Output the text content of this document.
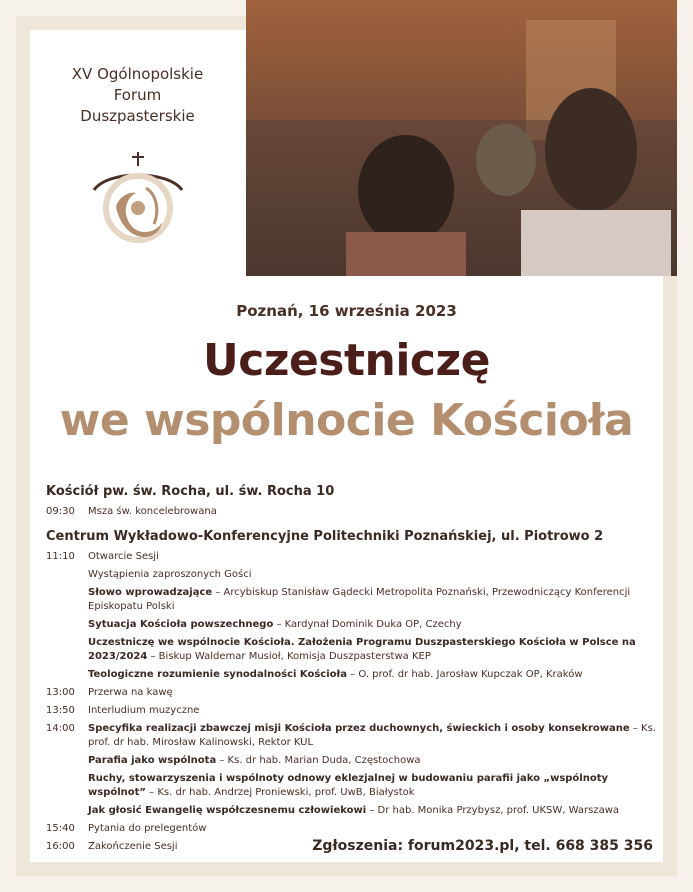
XV Ogólnopolskie
Forum
Duszpasterskie
Poznań, 16 września 2023
Uczestniczę
we wspólnocie Kościoła
Kościół pw. św. Rocha, ul. św. Rocha 10
09:30	Msza św. koncelebrowana
Centrum Wykładowo-Konferencyjne Politechniki Poznańskiej, ul. Piotrowo 2
11:10	Otwarcie Sesji
Wystąpienia zaproszonych Gości
Słowo wprowadzające – Arcybiskup Stanisław Gądecki Metropolita Poznański, Przewodniczący Konferencji Episkopatu Polski
Sytuacja Kościoła powszechnego – Kardynał Dominik Duka OP, Czechy
Uczestniczę we wspólnocie Kościoła. Założenia Programu Duszpasterskiego Kościoła w Polsce na 2023/2024 – Biskup Waldemar Musioł, Komisja Duszpasterstwa KEP
Teologiczne rozumienie synodalności Kościoła – O. prof. dr hab. Jarosław Kupczak OP, Kraków
13:00	Przerwa na kawę
13:50	Interludium muzyczne
14:00	Specyfika realizacji zbawczej misji Kościoła przez duchownych, świeckich i osoby konsekrowane – Ks. prof. dr hab. Mirosław Kalinowski, Rektor KUL
Parafia jako wspólnota – Ks. dr hab. Marian Duda, Częstochowa
Ruchy, stowarzyszenia i wspólnoty odnowy eklezjalnej w budowaniu parafii jako „wspólnoty wspólnot” – Ks. dr hab. Andrzej Proniewski, prof. UwB, Białystok
Jak głosić Ewangelię współczesnemu człowiekowi – Dr hab. Monika Przybysz, prof. UKSW, Warszawa
15:40	Pytania do prelegentów
16:00	Zakończenie Sesji	Zgłoszenia: forum2023.pl, tel. 668 385 356
